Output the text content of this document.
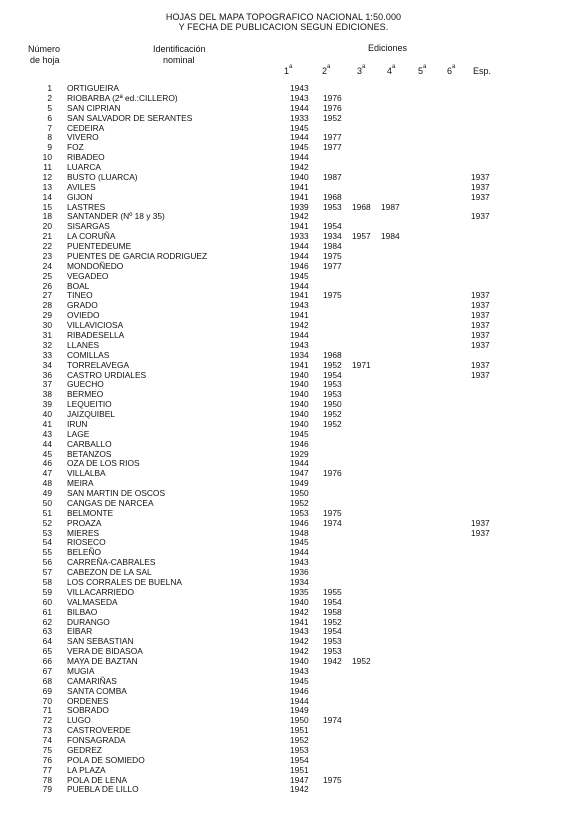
HOJAS DEL MAPA TOPOGRAFICO NACIONAL 1:50.000
Y FECHA DE PUBLICACION SEGUN EDICIONES.
Número
de hoja
Identificación
nominal
Ediciones
1$^a$	2$^a$	3$^a$ 4$^a$	5$^a$ 6$^a$ Esp.
1 ORTIGUEIRA	1943
2 RIOBARBA (2ª ed.:CILLERO)	1943 1976
5 SAN CIPRIAN	1944 1976
6 SAN SALVADOR DE SERANTES	1933 1952
7 CEDEIRA	1945
8 VIVERO	1944 1977
9 FOZ	1945 1977
10 RIBADEO	1944
11 LUARCA	1942
12 BUSTO (LUARCA)	1940 1987	1937
13 AVILES	1941	1937
14 GIJON	1941 1968	1937
15 LASTRES	1939 1953 1968 1987
18 SANTANDER (Nº 18 y 35)	1942	1937
20 SISARGAS	1941 1954
21 LA CORUÑA	1933 1934 1957 1984
22 PUENTEDEUME	1944 1984
23 PUENTES DE GARCIA RODRIGUEZ	1944 1975
24 MONDOÑEDO	1946 1977
25 VEGADEO	1945
26 BOAL	1944
27 TINEO	1941 1975	1937
28 GRADO	1943	1937
29 OVIEDO	1941	1937
30 VILLAVICIOSA	1942	1937
31 RIBADESELLA	1944	1937
32 LLANES	1943	1937
33 COMILLAS	1934 1968
34 TORRELAVEGA	1941 1952 1971	1937
36 CASTRO URDIALES	1940 1954	1937
37 GUECHO	1940 1953
38 BERMEO	1940 1953
39 LEQUEITIO	1940 1950
40 JAIZQUIBEL	1940 1952
41 IRUN	1940 1952
43 LAGE	1945
44 CARBALLO	1946
45 BETANZOS	1929
46 OZA DE LOS RIOS	1944
47 VILLALBA	1947 1976
48 MEIRA	1949
49 SAN MARTIN DE OSCOS	1950
50 CANGAS DE NARCEA	1952
51 BELMONTE	1953 1975
52 PROAZA	1946 1974	1937
53 MIERES	1948	1937
54 RIOSECO	1945
55 BELEÑO	1944
56 CARREÑA-CABRALES	1943
57 CABEZON DE LA SAL	1936
58 LOS CORRALES DE BUELNA	1934
59 VILLACARRIEDO	1935 1955
60 VALMASEDA	1940 1954
61 BILBAO	1942 1958
62 DURANGO	1941 1952
63 EIBAR	1943 1954
64 SAN SEBASTIAN	1942 1953
65 VERA DE BIDASOA	1942 1953
66 MAYA DE BAZTAN	1940 1942 1952
67 MUGIA	1943
68 CAMARIÑAS	1945
69 SANTA COMBA	1946
70 ORDENES	1944
71 SOBRADO	1949
72 LUGO	1950 1974
73 CASTROVERDE	1951
74 FONSAGRADA	1952
75 GEDREZ	1953
76 POLA DE SOMIEDO	1954
77 LA PLAZA	1951
78 POLA DE LENA	1947 1975
79 PUEBLA DE LILLO	1942
